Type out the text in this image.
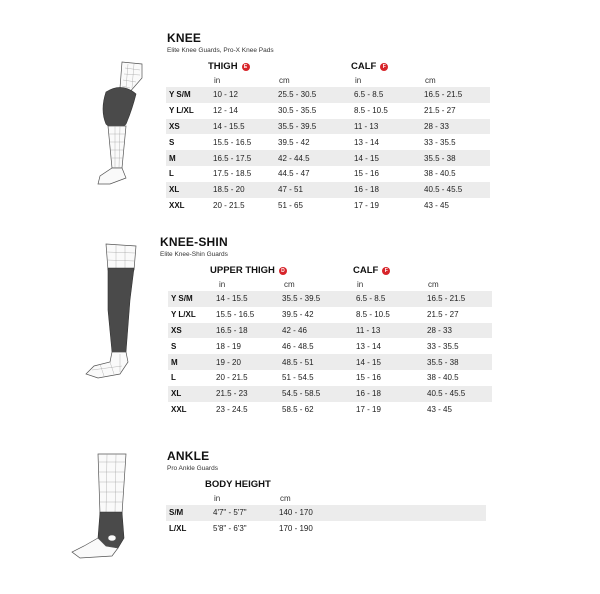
KNEE
Elite Knee Guards, Pro-X Knee Pads
THIGH E	CALF F
in	cm	in	cm
Y S/M	10 - 12	25.5 - 30.5	6.5 - 8.5	16.5 - 21.5
Y L/XL	12 - 14	30.5 - 35.5	8.5 - 10.5	21.5 - 27
XS	14 - 15.5	35.5 - 39.5	11 - 13	28 - 33
S	15.5 - 16.5	39.5 - 42	13 - 14	33 - 35.5
M	16.5 - 17.5	42 - 44.5	14 - 15	35.5 - 38
L	17.5 - 18.5	44.5 - 47	15 - 16	38 - 40.5
XL	18.5 - 20	47 - 51	16 - 18	40.5 - 45.5
XXL	20 - 21.5	51 - 65	17 - 19	43 - 45
KNEE-SHIN
Elite Knee-Shin Guards
UPPER THIGH D	CALF F
in	cm	in	cm
Y S/M	14 - 15.5	35.5 - 39.5	6.5 - 8.5	16.5 - 21.5
Y L/XL	15.5 - 16.5	39.5 - 42	8.5 - 10.5	21.5 - 27
XS	16.5 - 18	42 - 46	11 - 13	28 - 33
S	18 - 19	46 - 48.5	13 - 14	33 - 35.5
M	19 - 20	48.5 - 51	14 - 15	35.5 - 38
L	20 - 21.5	51 - 54.5	15 - 16	38 - 40.5
XL	21.5 - 23	54.5 - 58.5	16 - 18	40.5 - 45.5
XXL	23 - 24.5	58.5 - 62	17 - 19	43 - 45
ANKLE
Pro Ankle Guards
BODY HEIGHT
in	cm
S/M	4'7" - 5'7"	140 - 170
L/XL	5'8" - 6'3"	170 - 190
